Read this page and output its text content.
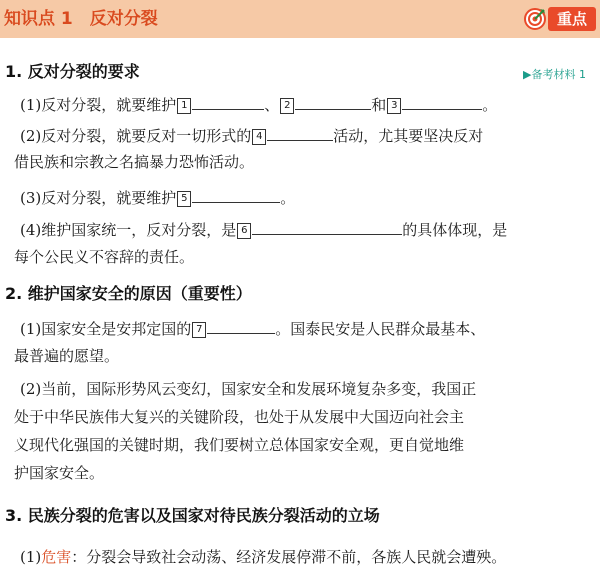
知识点 1　反对分裂	重点
1. 反对分裂的要求	▶备考材料 1
(1)反对分裂，就要维护 1	、 2	和 3	。
(2)反对分裂，就要反对一切形式的 4	活动，尤其要坚决反对
借民族和宗教之名搞暴力恐怖活动。
(3)反对分裂，就要维护 5	。
(4)维护国家统一，反对分裂，是 6	的具体体现，是
每个公民义不容辞的责任。
2. 维护国家安全的原因（重要性）
(1)国家安全是安邦定国的 7	。国泰民安是人民群众最基本、
最普遍的愿望。
(2)当前，国际形势风云变幻，国家安全和发展环境复杂多变，我国正
处于中华民族伟大复兴的关键阶段，也处于从发展中大国迈向社会主
义现代化强国的关键时期，我们要树立总体国家安全观，更自觉地维
护国家安全。
3. 民族分裂的危害以及国家对待民族分裂活动的立场
(1)危害：分裂会导致社会动荡、经济发展停滞不前，各族人民就会遭殃。
